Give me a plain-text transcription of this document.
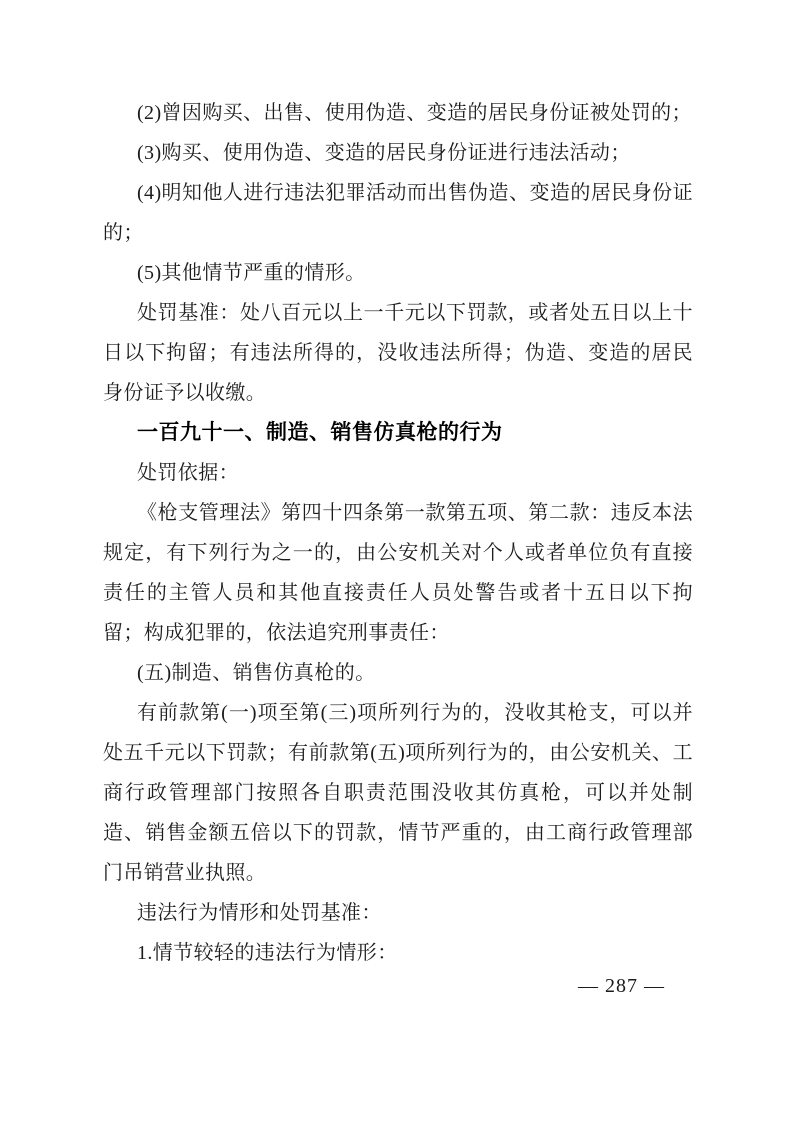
(2)曾因购买、出售、使用伪造、变造的居民身份证被处罚的；

(3)购买、使用伪造、变造的居民身份证进行违法活动；

(4)明知他人进行违法犯罪活动而出售伪造、变造的居民身份证的；

(5)其他情节严重的情形。

处罚基准：处八百元以上一千元以下罚款，或者处五日以上十日以下拘留；有违法所得的，没收违法所得；伪造、变造的居民身份证予以收缴。

一百九十一、制造、销售仿真枪的行为

处罚依据：

《枪支管理法》第四十四条第一款第五项、第二款：违反本法规定，有下列行为之一的，由公安机关对个人或者单位负有直接责任的主管人员和其他直接责任人员处警告或者十五日以下拘留；构成犯罪的，依法追究刑事责任：

(五)制造、销售仿真枪的。

有前款第(一)项至第(三)项所列行为的，没收其枪支，可以并处五千元以下罚款；有前款第(五)项所列行为的，由公安机关、工商行政管理部门按照各自职责范围没收其仿真枪，可以并处制造、销售金额五倍以下的罚款，情节严重的，由工商行政管理部门吊销营业执照。

违法行为情形和处罚基准：

1.情节较轻的违法行为情形：

— 287 —
